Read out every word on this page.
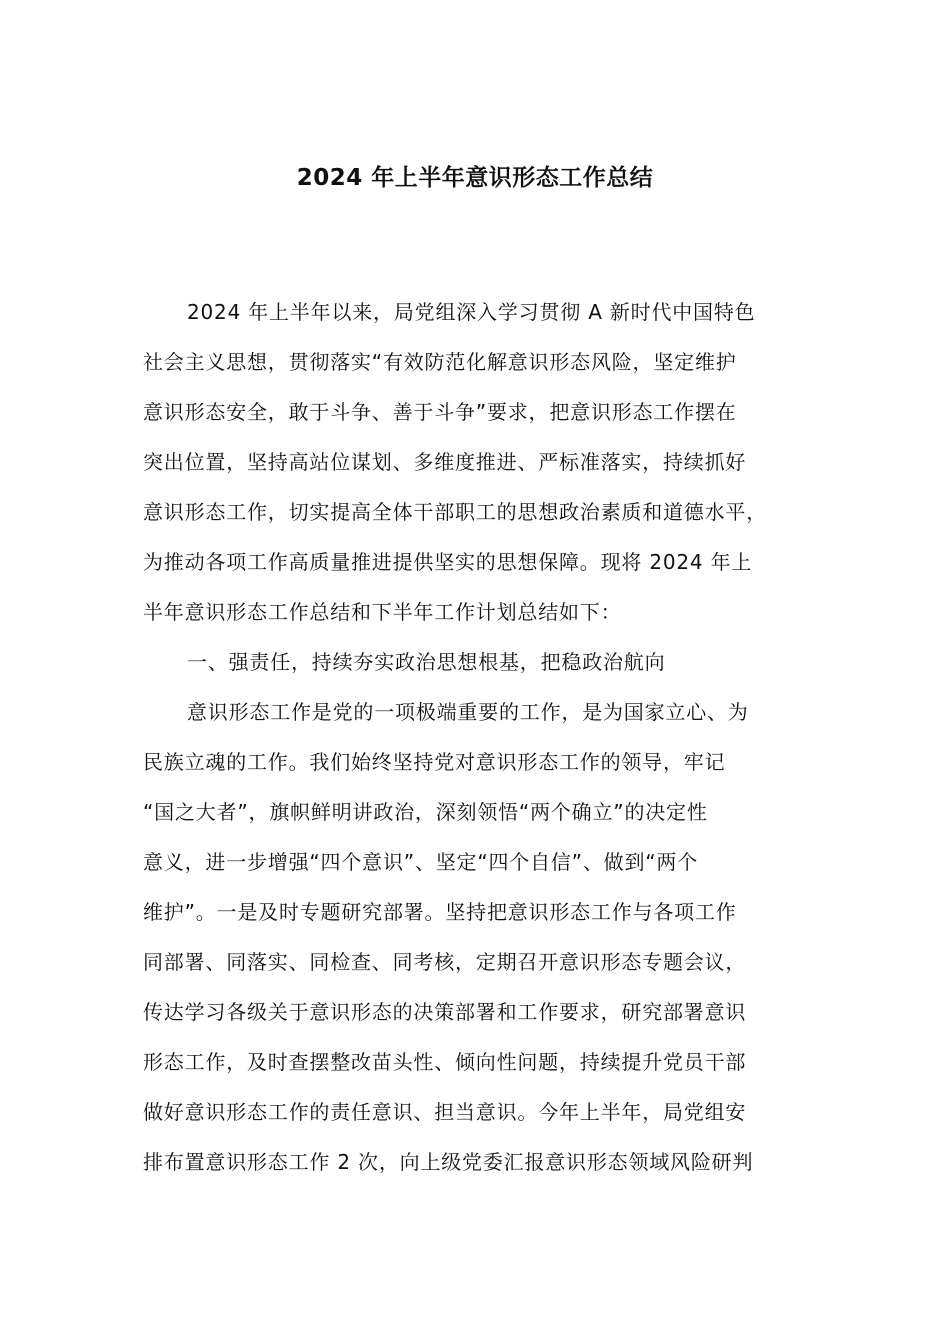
2024 年上半年意识形态工作总结
2024 年上半年以来，局党组深入学习贯彻 A 新时代中国特色
社会主义思想，贯彻落实“有效防范化解意识形态风险，坚定维护
意识形态安全，敢于斗争、善于斗争”要求，把意识形态工作摆在
突出位置，坚持高站位谋划、多维度推进、严标准落实，持续抓好
意识形态工作，切实提高全体干部职工的思想政治素质和道德水平，
为推动各项工作高质量推进提供坚实的思想保障。现将 2024 年上
半年意识形态工作总结和下半年工作计划总结如下：
一、强责任，持续夯实政治思想根基，把稳政治航向
意识形态工作是党的一项极端重要的工作，是为国家立心、为
民族立魂的工作。我们始终坚持党对意识形态工作的领导，牢记
“国之大者”，旗帜鲜明讲政治，深刻领悟“两个确立”的决定性
意义，进一步增强“四个意识”、坚定“四个自信”、做到“两个
维护”。一是及时专题研究部署。坚持把意识形态工作与各项工作
同部署、同落实、同检查、同考核，定期召开意识形态专题会议，
传达学习各级关于意识形态的决策部署和工作要求，研究部署意识
形态工作，及时查摆整改苗头性、倾向性问题，持续提升党员干部
做好意识形态工作的责任意识、担当意识。今年上半年，局党组安
排布置意识形态工作 2 次，向上级党委汇报意识形态领域风险研判
